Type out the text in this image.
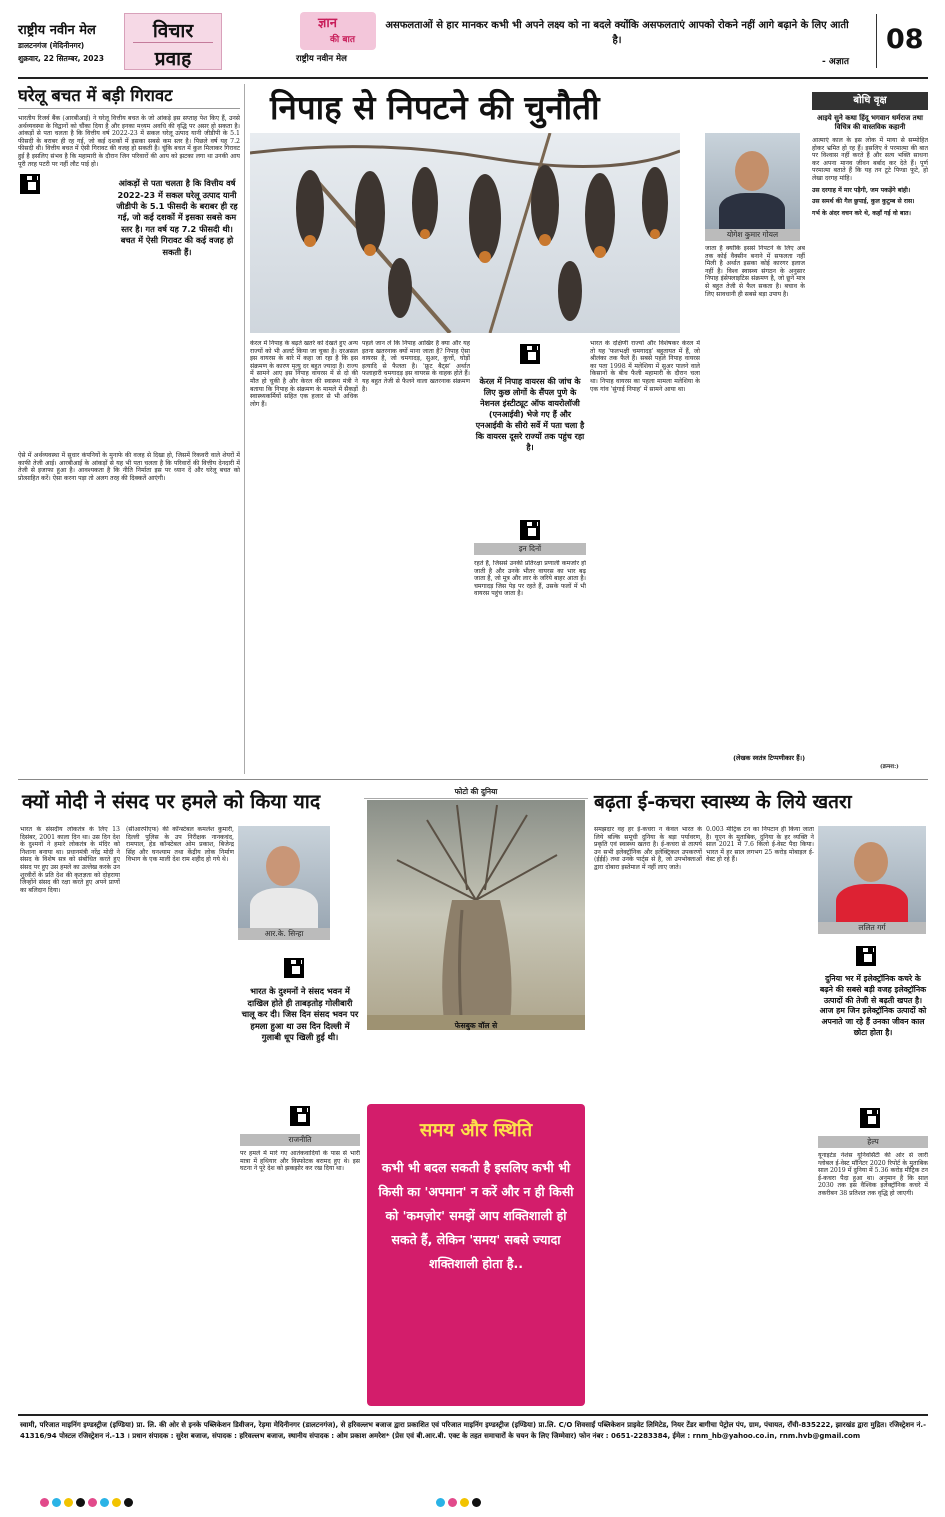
राष्ट्रीय नवीन मेल
डालटनगंज (मेदिनीनगर)
शुक्रवार, 22 सितम्बर, 2023
विचार
प्रवाह
ज्ञान
की बात
राष्ट्रीय नवीन मेल
असफलताओं से हार मानकर कभी भी अपने लक्ष्य को ना बदले क्योंकि असफलताएं आपको रोकने नहीं आगे बढ़ाने के लिए आती है।
- अज्ञात
08
घरेलू बचत में बड़ी गिरावट

भारतीय रिजर्व बैंक (आरबीआई) ने घरेलू वित्तीय बचत के जो आंकड़े इस सप्ताह पेश किए हैं, उनसे अर्थव्यवस्था के विद्वानों को चौंका दिया है और इनका मध्यम अवधि की वृद्धि पर असर हो सकता है। आंकड़ों से पता चलता है कि वित्तीय वर्ष 2022-23 में सकल घरेलू उत्पाद यानी जीडीपी के 5.1 फीसदी के बराबर ही रह गई, जो कई दशकों में इसका सबसे कम स्तर है। पिछले वर्ष यह 7.2 फीसदी थी। वित्तीय बचत में ऐसी गिरावट की वजह हो सकती है। चूंकि बचत में कुल मिलाकर गिरावट हुई है इसलिए संभव है कि महामारी के दौरान जिन परिवारों की आय को झटका लगा था उनकी आय पूरी तरह पटरी पर नहीं लौट पाई हो।

आंकड़ों से पता चलता है कि वित्तीय वर्ष 2022-23 में सकल घरेलू उत्पाद यानी जीडीपी के 5.1 फीसदी के बराबर ही रह गई, जो कई दशकों में इसका सबसे कम स्तर है। गत वर्ष यह 7.2 फीसदी थी। बचत में ऐसी गिरावट की कई वजह हो सकती हैं।

ऐसे में अर्थव्यवस्था में सुधार कंपनियों के मुनाफे की वजह से दिखा हो, जिसमें रिकवरी वाले शेयरों में काफी तेजी आई। आरबीआई के आंकड़ों से यह भी पता चलता है कि परिवारों की वित्तीय देनदारी में तेजी से इजाफा हुआ है। आवश्यकता है कि नीति निर्माता इस पर ध्यान दें और घरेलू बचत को प्रोत्साहित करें। ऐसा करना पड़ा तो अलग तरह की दिक्कतें आएंगी।

निपाह से निपटने की चुनौती

केरल में निपाह के बढ़ते खतरे को देखते हुए अन्य राज्यों को भी अलर्ट किया जा चुका है। दरअसल इस वायरस के बारे में कहा जा रहा है कि इस संक्रमण के कारण मृत्यु दर बहुत ज्यादा है। राज्य में सामने आए इस निपाह वायरस में से दो की मौत हो चुकी है और केरल की स्वास्थ्य मंत्री ने बताया कि निपाह के संक्रमण के मामले में सैकड़ों स्वास्थ्यकर्मियों सहित एक हजार से भी अधिक लोग हैं।

पहले जान लें कि निपाह आखिर है क्या और यह इतना खतरनाक क्यों माना जाता है? निपाह ऐसा वायरस है, जो चमगादड़, सुअर, कुत्तों, घोड़ों इत्यादि से फैलता है। 'फ्रूट बैट्स' अर्थात फलाहारी चमगादड़ इस वायरस के वाहक होते हैं। यह बहुत तेजी से फैलने वाला खतरनाक संक्रमण है।

केरल में निपाह वायरस की जांच के लिए कुछ लोगों के सैंपल पुणे के नेशनल इंस्टीट्यूट ऑफ वायरोलॉजी (एनआईवी) भेजे गए हैं और एनआईवी के सीरो सर्वे में पता चला है कि वायरस दूसरे राज्यों तक पहुंच रहा है।
इन दिनों

रहते हैं, जिससे उनकी प्रतिरक्षा प्रणाली कमजोर हो जाती है और उनके भीतर वायरस का भार बढ़ जाता है, जो मूत्र और लार के जरिये बाहर आता है। चमगादड़ जिस पेड़ पर रहते हैं, उसके फलों में भी वायरस पहुंच जाता है।

भारत के दक्षिणी राज्यों और विशेषकर केरल में तो यह 'फलभक्षी चमगादड़' बहुतायत में हैं, जो श्रीलंका तक फैले हैं। सबसे पहले निपाह वायरस का पता 1998 में मलेशिया में सुअर पालने वाले किसानों के बीच फैली महामारी के दौरान चला था। निपाह वायरस का पहला मामला मलेशिया के एक गांव 'सुंगाई निपाह' में सामने आया था।

योगेश कुमार गोयल

जाता है क्योंकि इससे निपटने के लिए अब तक कोई वैक्सीन बनाने में सफलता नहीं मिली है अर्थात इसका कोई कारगर इलाज नहीं है। विश्व स्वास्थ्य संगठन के अनुसार निपाह इंसेफ्लाइटिस संक्रमण है, जो छूने मात्र से बहुत तेजी से फैल सकता है। बचाव के लिए सावधानी ही सबसे बड़ा उपाय है।

(लेखक स्वतंत्र टिप्पणीकार हैं।)
बोधि वृक्ष
आइये सुने कथा हिंदू भगवान धर्मराज तथा विचित्र की वास्तविक कहानी

आत्माएं काल के इस लोक में माया से सम्मोहित होकर भ्रमित हो रह हैं। इसलिए वे परमात्मा की बात पर विश्वास नहीं करते हैं और सत्य भक्ति साधना कर अपना मानव जीवन बर्बाद कर देते हैं। पूर्ण परमात्मा बताते हैं कि यह तन टूटे पिण्डा फूटे, हो लेखा दरगह मांहि।

उस दरगाह में मार पड़ैगी, जम पकड़ेंगे बांही।

उस समर्थ की गैल छुपाई, कुल कुटुम्ब से रास।

गर्भ के अंदर वचन करे थे, कहाँ गई वो बात।

(क्रमश:)
क्यों मोदी ने संसद पर हमले को किया याद

भारत के संसदीय लोकतंत्र के लिए 13 दिसंबर, 2001 काला दिन था। उस दिन देश के दुश्मनों ने हमारे लोकतंत्र के मंदिर को निशाना बनाया था। प्रधानमंत्री नरेंद्र मोदी ने संसद के विशेष सत्र को संबोधित करते हुए संसद पर हुए उस हमले का उल्लेख करके उन शूरवीरों के प्रति देश की कृतज्ञता को दोहराया जिन्होंने संसद की रक्षा करते हुए अपने प्राणों का बलिदान दिया।

(सीआरपीएफ) की कॉन्स्टेबल कमलेश कुमारी, दिल्ली पुलिस के उप निरीक्षक नानकचंद, रामपाल, हेड कॉन्स्टेबल ओम प्रकाश, बिजेन्द्र सिंह और घनश्याम तथा केंद्रीय लोक निर्माण विभाग के एक माली देश राम शहीद हो गये थे।

आर.के. सिन्हा
भारत के दुश्मनों ने संसद भवन में दाखिल होते ही ताबड़तोड़ गोलीबारी चालू कर दी। जिस दिन संसद भवन पर हमला हुआ था उस दिन दिल्ली में गुलाबी धूप खिली हुई थी।
राजनीति

पर हमले में मारे गए आतंकवादियों के पास से भारी मात्रा में हथियार और विस्फोटक बरामद हुए थे। इस घटना ने पूरे देश को झकझोर कर रख दिया था।

फोटो की दुनिया
फेसबुक वॉल से
समय और स्थिति
कभी भी बदल सकती है इसलिए कभी भी किसी का 'अपमान' न करें और न ही किसी को 'कमज़ोर' समझें आप शक्तिशाली हो सकते हैं, लेकिन 'समय' सबसे ज्यादा शक्तिशाली होता है..
बढ़ता ई-कचरा स्वास्थ्य के लिये खतरा

समझदार वह हर ई-कचरा न केवल भारत के लिये बल्कि समूची दुनिया के बड़ा पर्यावरण, प्रकृति एवं स्वास्थ्य खतरा है। ई-कचरा से तात्पर्य उन सभी इलेक्ट्रॉनिक और इलेक्ट्रिकल उपकरणों (ईईई) तथा उनके पार्ट्स से है, जो उपभोक्ताओं द्वारा दोबारा इस्तेमाल में नहीं लाए जाते।

0.003 मीट्रिक टन का निपटान ही किया जाता है। यूएन के मुताबिक, दुनिया के हर व्यक्ति ने साल 2021 में 7.6 किलो ई-वेस्ट पैदा किया। भारत में हर साल लगभग 25 करोड़ मोबाइल ई-वेस्ट हो रहे हैं।

ललित गर्ग
दुनिया भर में इलेक्ट्रॉनिक कचरे के बढ़ने की सबसे बड़ी वजह इलेक्ट्रॉनिक उत्पादों की तेजी से बढ़ती खपत है। आज हम जिन इलेक्ट्रॉनिक उत्पादों को अपनाते जा रहे हैं उनका जीवन काल छोटा होता है।
हेल्प

यूनाइटेड नेशंस यूनिवर्सिटी की ओर से जारी ग्लोबल ई-वेस्ट मॉनिटर 2020 रिपोर्ट के मुताबिक साल 2019 में दुनिया में 5.36 करोड़ मीट्रिक टन ई-कचरा पैदा हुआ था। अनुमान है कि साल 2030 तक इस वैश्विक इलेक्ट्रॉनिक कचरे में तकरीबन 38 प्रतिशत तक वृद्धि हो जाएगी।

स्वामी, परिजात माइनिंग इण्डस्ट्रीज (इण्डिया) प्रा. लि. की ओर से इनके पब्लिकेशन डिवीजन, रेड़मा मेदिनीनगर (डालटनगंज), से हरिवल्लभ बजाज द्वारा प्रकाशित एवं परिजात माइनिंग इण्डस्ट्रीज (इण्डिया) प्रा.लि. C/O शिवसाईं पब्लिकेशन प्राइवेट लिमिटेड, नियर टेंडर बागीचा पेट्रोल पंप, ग्राम, पंचायत, राँची-835222, झारखंड द्वारा मुद्रित। रजिस्ट्रेशन नं.- 41316/94 पोस्टल रजिस्ट्रेशन नं.-13 । प्रधान संपादक : सुरेश बजाज, संपादक : हरिवल्लभ बजाज, स्थानीय संपादक : ओम प्रकाश अमरेश* (प्रेस एवं बी.आर.बी. एक्ट के तहत समाचारों के चयन के लिए जिम्मेवार) फोन नंबर : 0651-2283384, ईमेल : rnm_hb@yahoo.co.in, rnm.hvb@gmail.com
